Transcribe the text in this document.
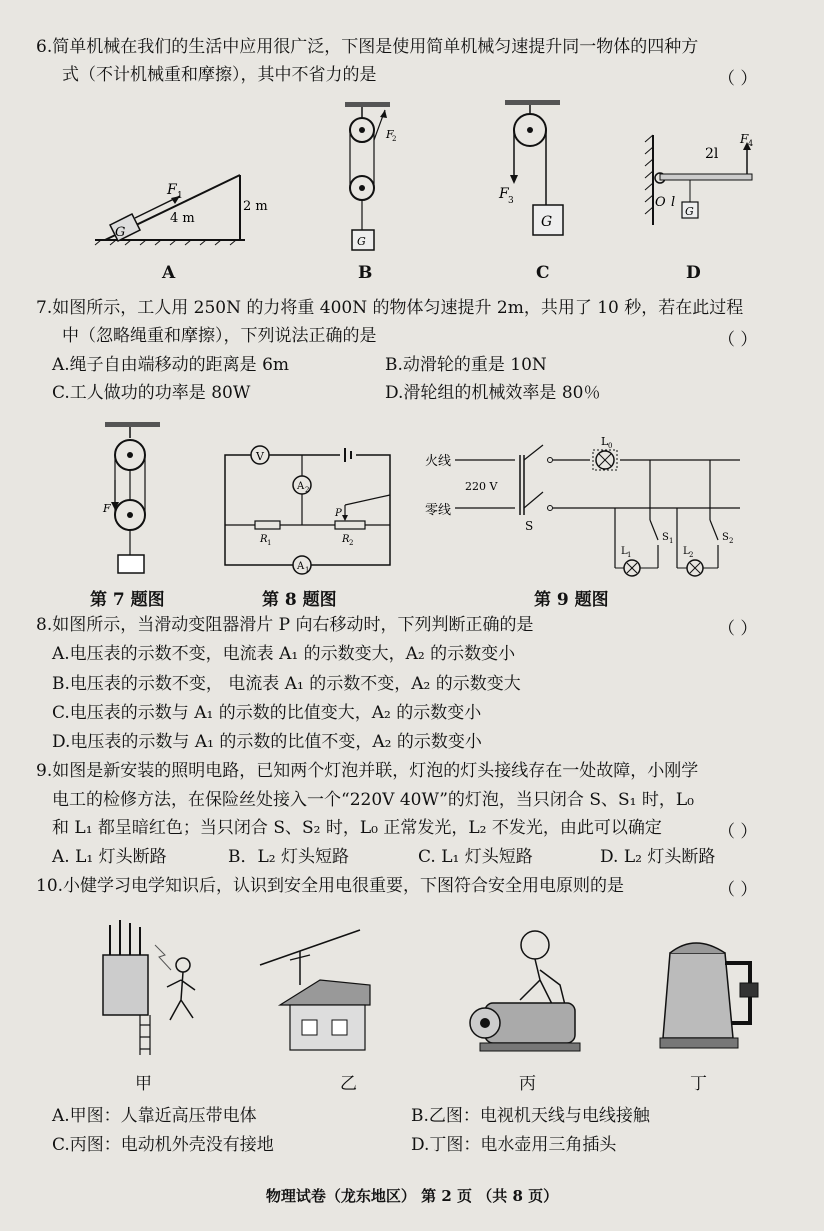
6.简单机械在我们的生活中应用很广泛，下图是使用简单机械匀速提升同一物体的四种方
式（不计机械重和摩擦），其中不省力的是	（ ）
G
F 1
4 m
2 m
F
2
G
F 3
G
2l
F 4
O l
G
A	B	C	D
7.如图所示，工人用 250N 的力将重 400N 的物体匀速提升 2m，共用了 10 秒，若在此过程
中（忽略绳重和摩擦），下列说法正确的是	（ ）
A.绳子自由端移动的距离是 6m	B.动滑轮的重是 10N
C.工人做功的功率是 80W	D.滑轮组的机械效率是 80％
F
第 7 题图
V
A 2
P
R 1	R 2
A 1
第 8 题图
火线
零线
220 V
S
L 0
L 1
S 1
L 2
S 2
第 9 题图
8.如图所示，当滑动变阻器滑片 P 向右移动时，下列判断正确的是	（ ）
A.电压表的示数不变，电流表 A₁ 的示数变大，A₂ 的示数变小
B.电压表的示数不变， 电流表 A₁ 的示数不变，A₂ 的示数变大
C.电压表的示数与 A₁ 的示数的比值变大，A₂ 的示数变小
D.电压表的示数与 A₁ 的示数的比值不变，A₂ 的示数变小
9.如图是新安装的照明电路，已知两个灯泡并联，灯泡的灯头接线存在一处故障，小刚学
电工的检修方法，在保险丝处接入一个“220V 40W”的灯泡，当只闭合 S、S₁ 时，L₀
和 L₁ 都呈暗红色；当只闭合 S、S₂ 时，L₀ 正常发光，L₂ 不发光，由此可以确定	（ ）
A. L₁ 灯头断路	B．L₂ 灯头短路	C. L₁ 灯头短路	D. L₂ 灯头断路
10.小健学习电学知识后，认识到安全用电很重要，下图符合安全用电原则的是	（ ）
甲	乙	丙	丁
A.甲图：人靠近高压带电体	B.乙图：电视机天线与电线接触
C.丙图：电动机外壳没有接地	D.丁图：电水壶用三角插头
物理试卷（龙东地区） 第 2 页 （共 8 页）
